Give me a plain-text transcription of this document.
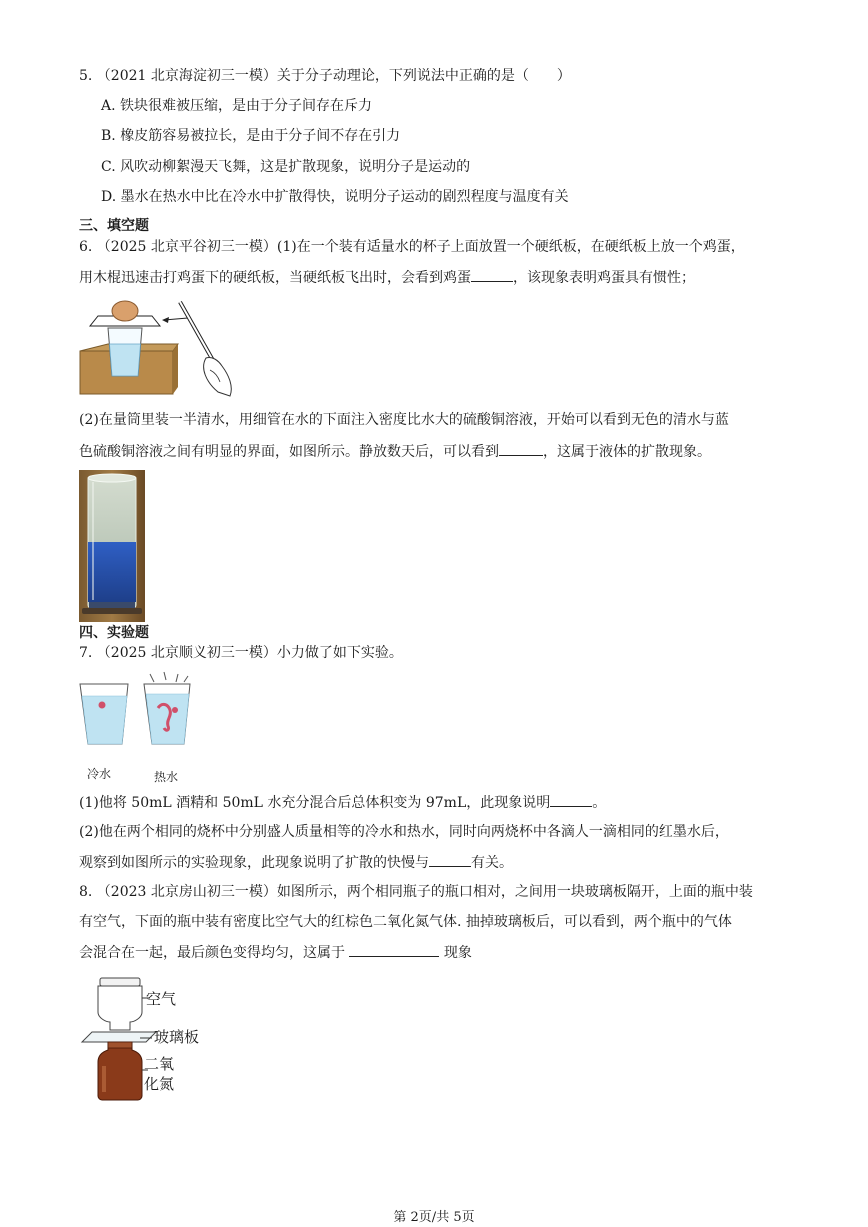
5. （2021 北京海淀初三一模）关于分子动理论，下列说法中正确的是（　　）
A. 铁块很难被压缩，是由于分子间存在斥力
B. 橡皮筋容易被拉长，是由于分子间不存在引力
C. 风吹动柳絮漫天飞舞，这是扩散现象，说明分子是运动的
D. 墨水在热水中比在冷水中扩散得快，说明分子运动的剧烈程度与温度有关
三、填空题
6. （2025 北京平谷初三一模）(1)在一个装有适量水的杯子上面放置一个硬纸板，在硬纸板上放一个鸡蛋，
用木棍迅速击打鸡蛋下的硬纸板，当硬纸板飞出时，会看到鸡蛋	，该现象表明鸡蛋具有惯性；
(2)在量筒里装一半清水，用细管在水的下面注入密度比水大的硫酸铜溶液，开始可以看到无色的清水与蓝
色硫酸铜溶液之间有明显的界面，如图所示。静放数天后，可以看到	，这属于液体的扩散现象。
四、实验题
7. （2025 北京顺义初三一模）小力做了如下实验。
冷水	热水
(1)他将 50mL 酒精和 50mL 水充分混合后总体积变为 97mL，此现象说明	。
(2)他在两个相同的烧杯中分别盛人质量相等的冷水和热水，同时向两烧杯中各滴人一滴相同的红墨水后，
观察到如图所示的实验现象，此现象说明了扩散的快慢与	有关。
8. （2023 北京房山初三一模）如图所示，两个相同瓶子的瓶口相对，之间用一块玻璃板隔开，上面的瓶中装
有空气，下面的瓶中装有密度比空气大的红棕色二氧化氮气体. 抽掉玻璃板后，可以看到，两个瓶中的气体
会混合在一起，最后颜色变得均匀，这属于	现象
空气
玻璃板
二氧
化氮
第 2页/共 5页
